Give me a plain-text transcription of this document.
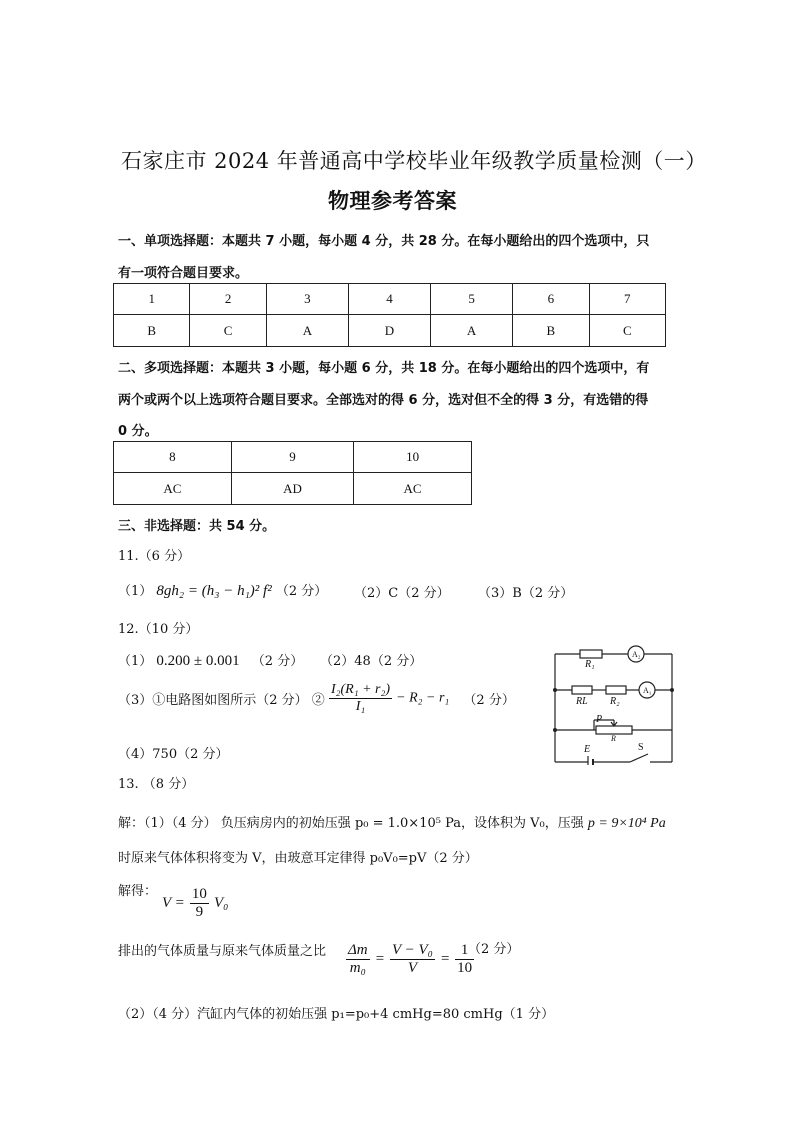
石家庄市 2024 年普通高中学校毕业年级教学质量检测（一）
物理参考答案
一、单项选择题：本题共 7 小题，每小题 4 分，共 28 分。在每小题给出的四个选项中，只
有一项符合题目要求。
1	2	3	4	5	6	7
B	C	A	D	A	B	C
二、多项选择题：本题共 3 小题，每小题 6 分，共 18 分。在每小题给出的四个选项中，有
两个或两个以上选项符合题目要求。全部选对的得 6 分，选对但不全的得 3 分，有选错的得
0 分。
8	9	10
AC	AD	AC
三、非选择题：共 54 分。
11.（6 分）
（1） 8gh₂ = (h₃ − h₁)² f² （2 分） （2）C（2 分） （3）B（2 分）
12.（10 分）
（1） 0.200 ± 0.001 （2 分） （2）48（2 分）
（3）①电路图如图所示（2 分） ② $\frac{\text{I₂(R₁ + r₂)}}{\text{I₁}} - R_2 - r_1$ （2 分）
（4）750（2 分）
R₁
A₂
RL R₂
A₁
P
R
E	S
13. （8 分）
解：（1）（4 分） 负压病房内的初始压强 p₀ = 1.0×10⁵ Pa，设体积为 V₀，压强 p = 9×10⁴ Pa
时原来气体体积将变为 V，由玻意耳定律得 p₀V₀=pV（2 分）
解得：
$V = \frac{10}{9} V_0$
排出的气体质量与原来气体质量之比 $\frac{\Delta m}{\text{m₀}} = \frac{\text{V − V₀}}{V} = \frac{1}{10}$
（2 分）
（2）（4 分）汽缸内气体的初始压强 p₁=p₀+4 cmHg=80 cmHg（1 分）
